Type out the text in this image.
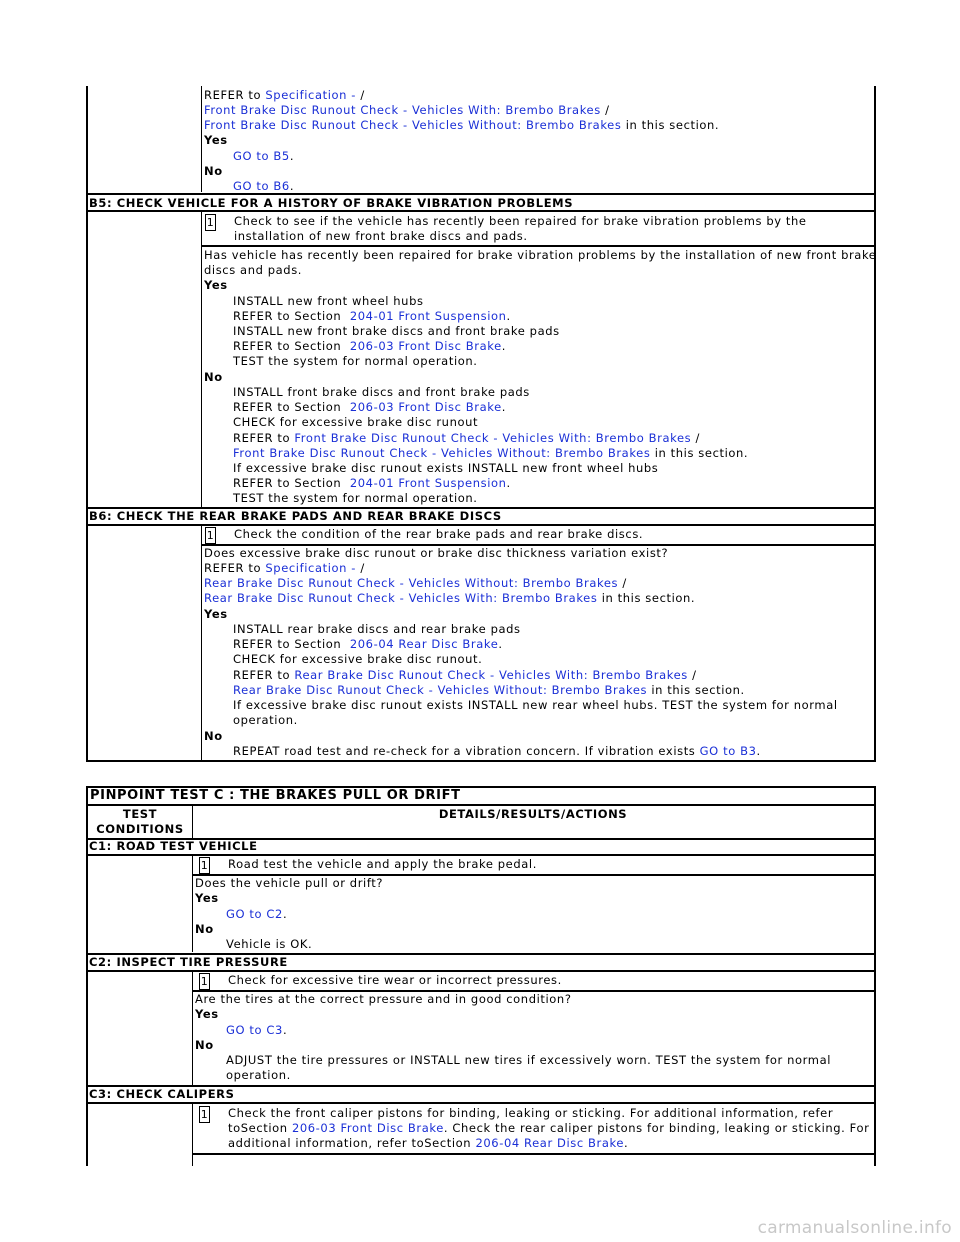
REFER to Specification - /
Front Brake Disc Runout Check - Vehicles With: Brembo Brakes /
Front Brake Disc Runout Check - Vehicles Without: Brembo Brakes in this section.
Yes
GO to B5.
No
GO to B6.
B5: CHECK VEHICLE FOR A HISTORY OF BRAKE VIBRATION PROBLEMS
1 Check to see if the vehicle has recently been repaired for brake vibration problems by the
installation of new front brake discs and pads.
Has vehicle has recently been repaired for brake vibration problems by the installation of new front brake
discs and pads.
Yes
INSTALL new front wheel hubs
REFER to Section 204-01 Front Suspension.
INSTALL new front brake discs and front brake pads
REFER to Section 206-03 Front Disc Brake.
TEST the system for normal operation.
No
INSTALL front brake discs and front brake pads
REFER to Section 206-03 Front Disc Brake.
CHECK for excessive brake disc runout
REFER to Front Brake Disc Runout Check - Vehicles With: Brembo Brakes /
Front Brake Disc Runout Check - Vehicles Without: Brembo Brakes in this section.
If excessive brake disc runout exists INSTALL new front wheel hubs
REFER to Section 204-01 Front Suspension.
TEST the system for normal operation.
B6: CHECK THE REAR BRAKE PADS AND REAR BRAKE DISCS
1 Check the condition of the rear brake pads and rear brake discs.
Does excessive brake disc runout or brake disc thickness variation exist?
REFER to Specification - /
Rear Brake Disc Runout Check - Vehicles Without: Brembo Brakes /
Rear Brake Disc Runout Check - Vehicles With: Brembo Brakes in this section.
Yes
INSTALL rear brake discs and rear brake pads
REFER to Section 206-04 Rear Disc Brake.
CHECK for excessive brake disc runout.
REFER to Rear Brake Disc Runout Check - Vehicles With: Brembo Brakes /
Rear Brake Disc Runout Check - Vehicles Without: Brembo Brakes in this section.
If excessive brake disc runout exists INSTALL new rear wheel hubs. TEST the system for normal
operation.
No
REPEAT road test and re-check for a vibration concern. If vibration exists GO to B3.
PINPOINT TEST C : THE BRAKES PULL OR DRIFT
TEST
CONDITIONS
DETAILS/RESULTS/ACTIONS
C1: ROAD TEST VEHICLE
1 Road test the vehicle and apply the brake pedal.
Does the vehicle pull or drift?
Yes
GO to C2.
No
Vehicle is OK.
C2: INSPECT TIRE PRESSURE
1 Check for excessive tire wear or incorrect pressures.
Are the tires at the correct pressure and in good condition?
Yes
GO to C3.
No
ADJUST the tire pressures or INSTALL new tires if excessively worn. TEST the system for normal
operation.
C3: CHECK CALIPERS
1 Check the front caliper pistons for binding, leaking or sticking. For additional information, refer
toSection 206-03 Front Disc Brake. Check the rear caliper pistons for binding, leaking or sticking. For
additional information, refer toSection 206-04 Rear Disc Brake.
carmanualsonline.info
